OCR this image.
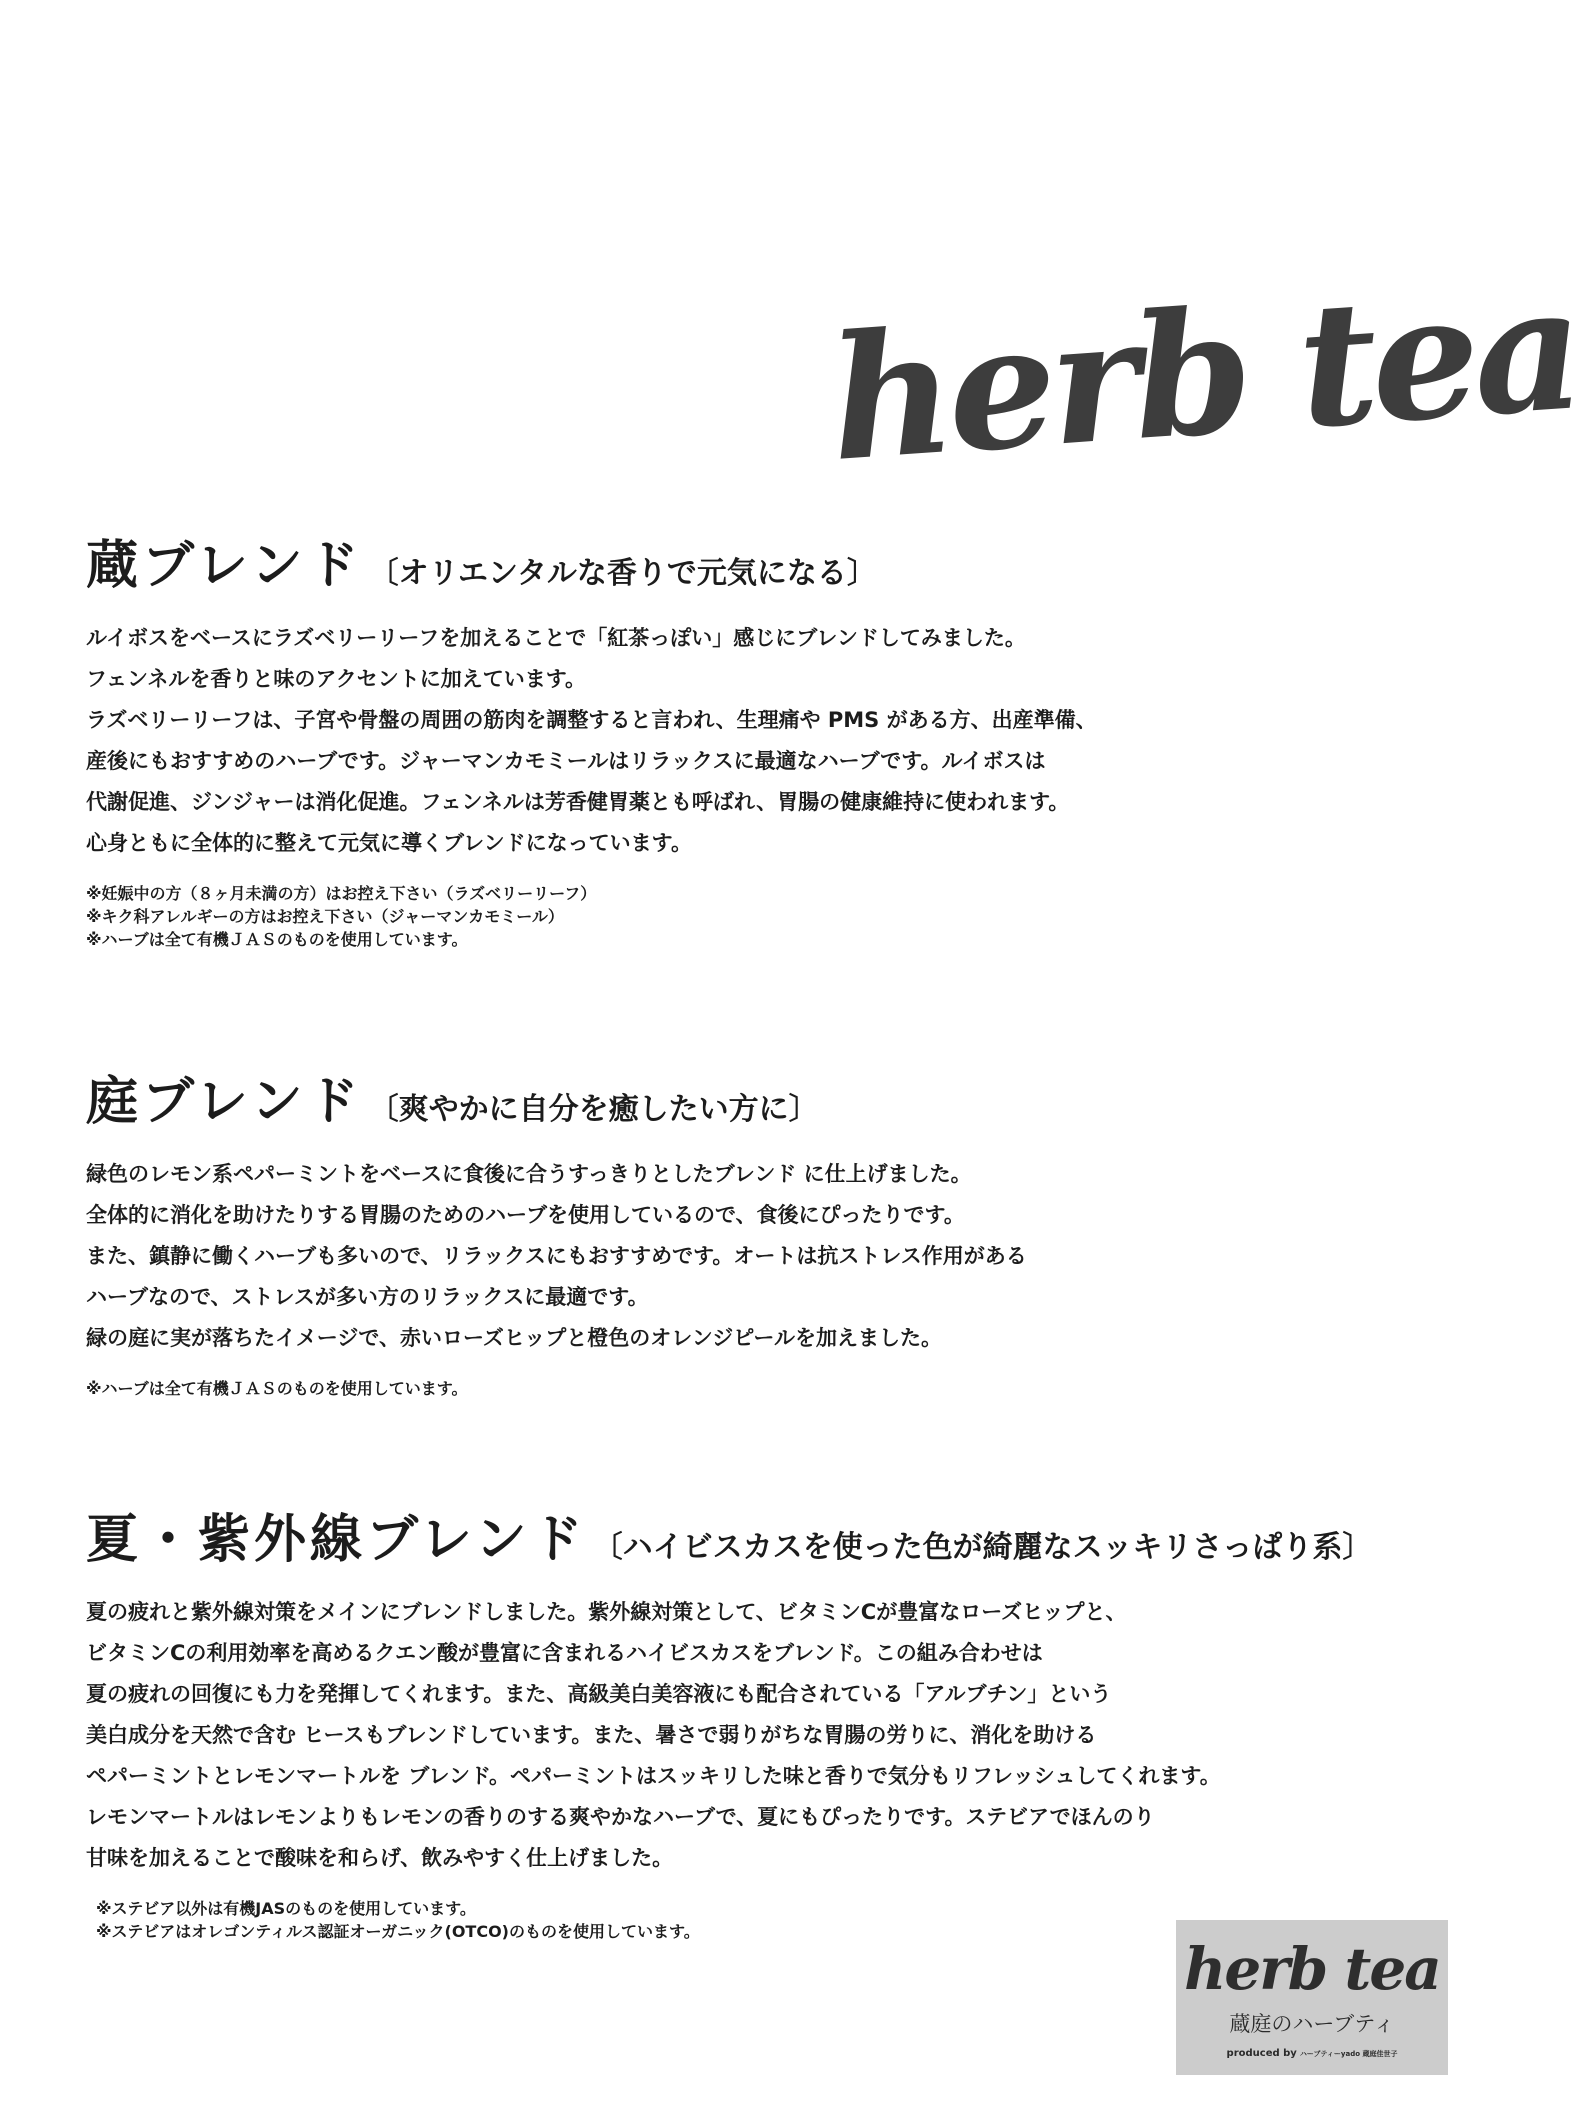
herb tea
蔵ブレンド 〔オリエンタルな香りで元気になる〕

ルイボスをベースにラズベリーリーフを加えることで「紅茶っぽい」感じにブレンドしてみました。

フェンネルを香りと味のアクセントに加えています。

ラズベリーリーフは、子宮や骨盤の周囲の筋肉を調整すると言われ、生理痛や PMS がある方、出産準備、

産後にもおすすめのハーブです。ジャーマンカモミールはリラックスに最適なハーブです。ルイボスは

代謝促進、ジンジャーは消化促進。フェンネルは芳香健胃薬とも呼ばれ、胃腸の健康維持に使われます。

心身ともに全体的に整えて元気に導くブレンドになっています。

※妊娠中の方（８ヶ月未満の方）はお控え下さい（ラズベリーリーフ）

※キク科アレルギーの方はお控え下さい（ジャーマンカモミール）

※ハーブは全て有機ＪＡＳのものを使用しています。

庭ブレンド 〔爽やかに自分を癒したい方に〕

緑色のレモン系ペパーミントをベースに食後に合うすっきりとしたブレンド に仕上げました。

全体的に消化を助けたりする胃腸のためのハーブを使用しているので、食後にぴったりです。

また、鎮静に働くハーブも多いので、リラックスにもおすすめです。オートは抗ストレス作用がある

ハーブなので、ストレスが多い方のリラックスに最適です。

緑の庭に実が落ちたイメージで、赤いローズヒップと橙色のオレンジピールを加えました。

※ハーブは全て有機ＪＡＳのものを使用しています。

夏・紫外線ブレンド 〔ハイビスカスを使った色が綺麗なスッキリさっぱり系〕

夏の疲れと紫外線対策をメインにブレンドしました。紫外線対策として、ビタミンCが豊富なローズヒップと、

ビタミンCの利用効率を高めるクエン酸が豊富に含まれるハイビスカスをブレンド。この組み合わせは

夏の疲れの回復にも力を発揮してくれます。また、高級美白美容液にも配合されている「アルブチン」という

美白成分を天然で含む ヒースもブレンドしています。また、暑さで弱りがちな胃腸の労りに、消化を助ける

ペパーミントとレモンマートルを ブレンド。ペパーミントはスッキリした味と香りで気分もリフレッシュしてくれます。

レモンマートルはレモンよりもレモンの香りのする爽やかなハーブで、夏にもぴったりです。ステビアでほんのり

甘味を加えることで酸味を和らげ、飲みやすく仕上げました。

※ステビア以外は有機JASのものを使用しています。

※ステビアはオレゴンティルス認証オーガニック(OTCO)のものを使用しています。

herb tea
蔵庭のハーブティ
produced by ハーブティーyado 蔵庭佳世子
